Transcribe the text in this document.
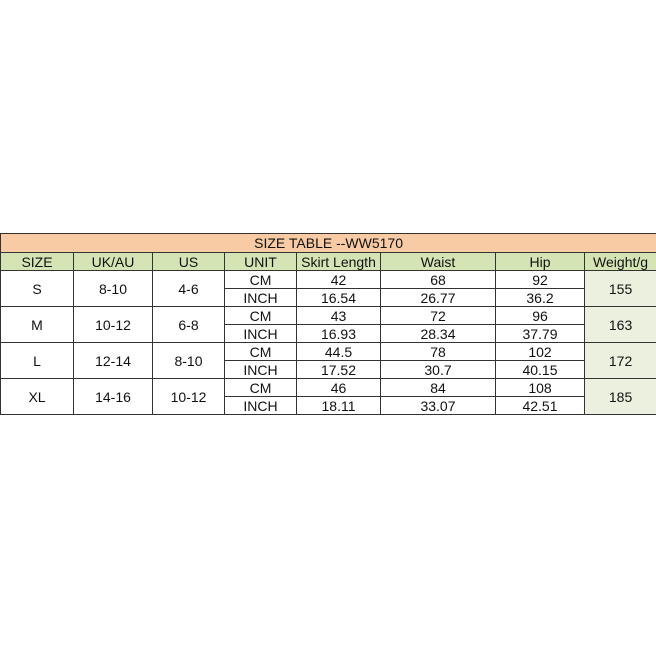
SIZE TABLE --WW5170							
SIZE	UK/AU	US	UNIT	Skirt Length	Waist	Hip	Weight/g
S	8-10	4-6	CM	42	68	92	155
			INCH	16.54	26.77	36.2	
M	10-12	6-8	CM	43	72	96	163
			INCH	16.93	28.34	37.79	
L	12-14	8-10	CM	44.5	78	102	172
			INCH	17.52	30.7	40.15	
XL	14-16	10-12	CM	46	84	108	185
			INCH	18.11	33.07	42.51	
